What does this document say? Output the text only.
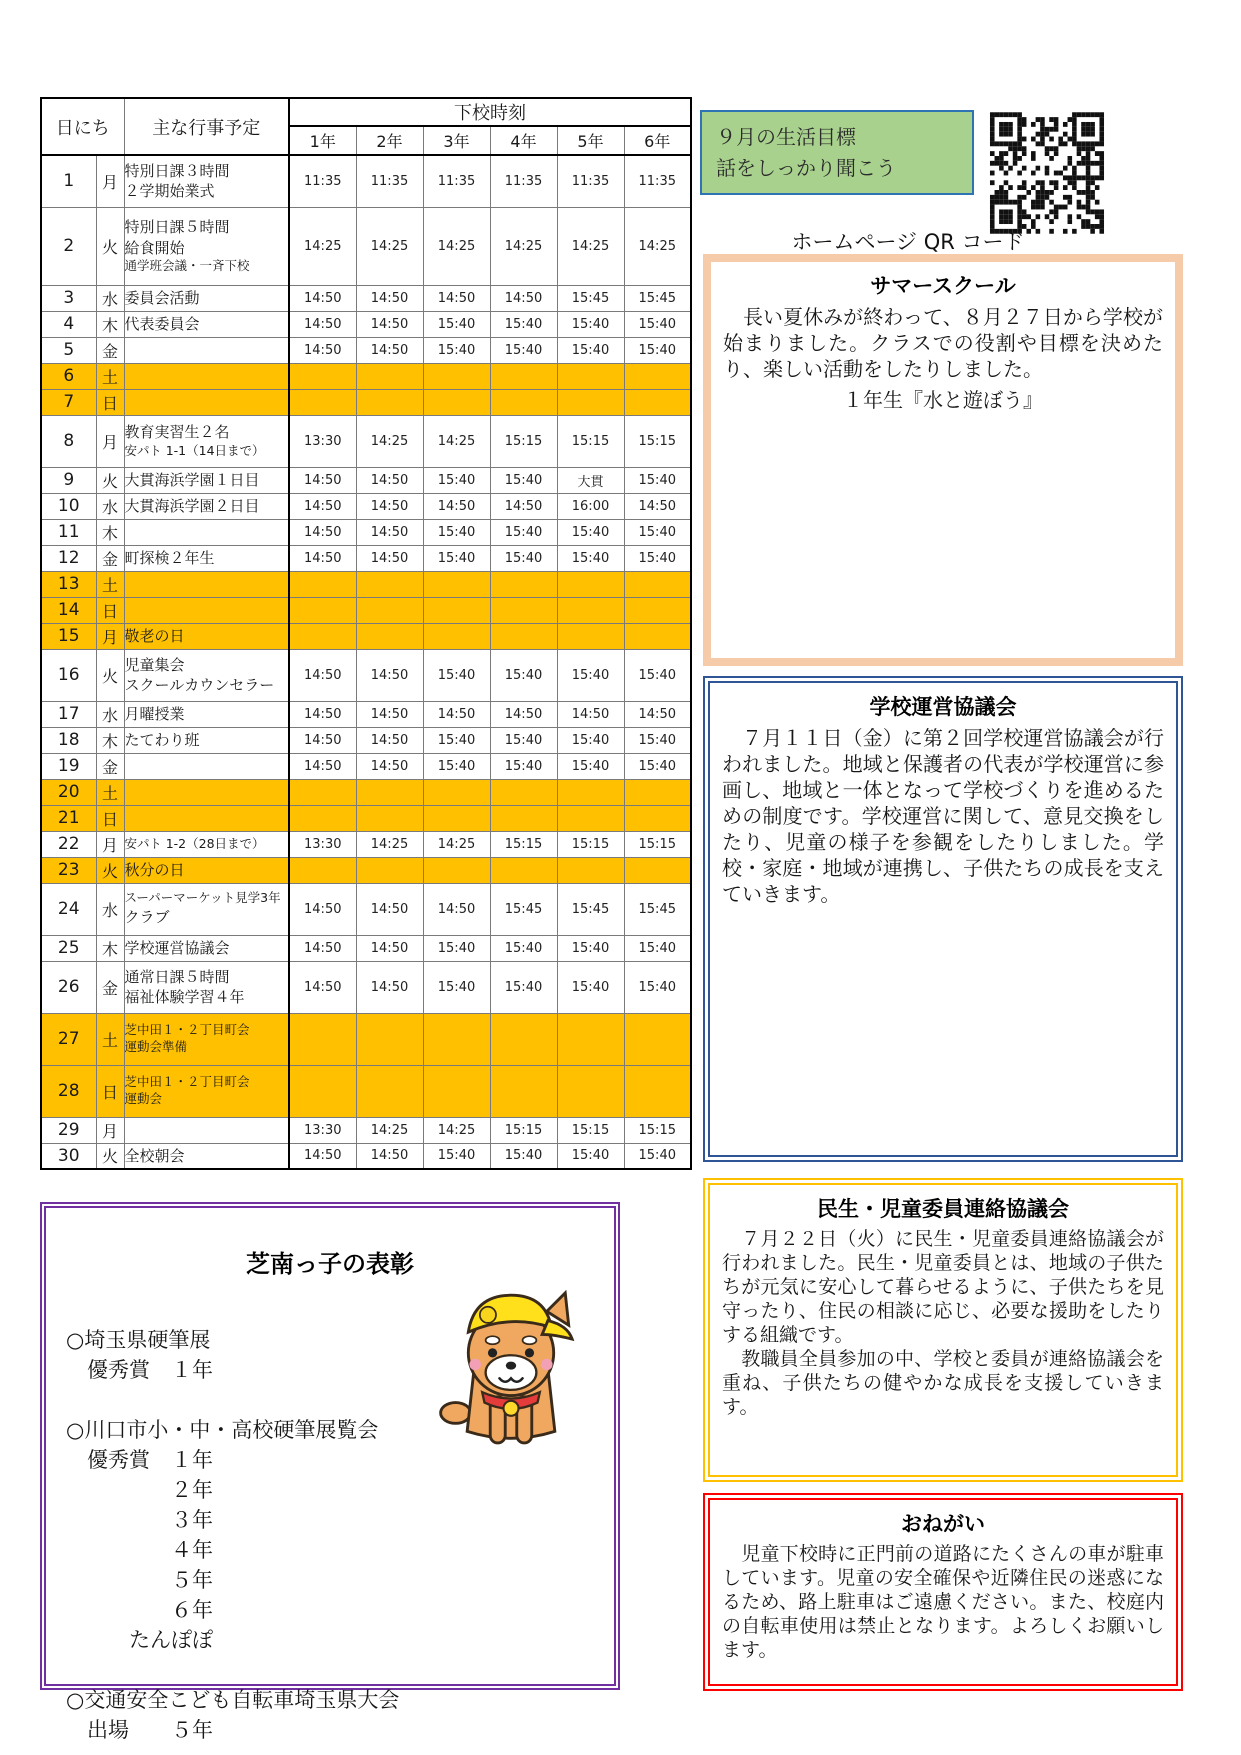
日にち		主な行事予定	下校時刻					
			1年	2年	3年	4年	5年	6年
1	月	特別日課３時間
２学期始業式	11:35	11:35	11:35	11:35	11:35	11:35
2	火	特別日課５時間
給食開始
通学班会議・一斉下校	14:25	14:25	14:25	14:25	14:25	14:25
3	水	委員会活動	14:50	14:50	14:50	14:50	15:45	15:45
4	木	代表委員会	14:50	14:50	15:40	15:40	15:40	15:40
5	金		14:50	14:50	15:40	15:40	15:40	15:40
6	土							
7	日							
8	月	教育実習生２名
安パト 1-1（14日まで）	13:30	14:25	14:25	15:15	15:15	15:15
9	火	大貫海浜学園１日目	14:50	14:50	15:40	15:40	大貫	15:40
10	水	大貫海浜学園２日目	14:50	14:50	14:50	14:50	16:00	14:50
11	木		14:50	14:50	15:40	15:40	15:40	15:40
12	金	町探検２年生	14:50	14:50	15:40	15:40	15:40	15:40
13	土							
14	日							
15	月	敬老の日						

16	火	児童集会
スクールカウンセラー	14:50	14:50	15:40	15:40	15:40	15:40
17	水	月曜授業	14:50	14:50	14:50	14:50	14:50	14:50
18	木	たてわり班	14:50	14:50	15:40	15:40	15:40	15:40
19	金		14:50	14:50	15:40	15:40	15:40	15:40
20	土							
21	日							
22	月	安パト 1-2（28日まで）	13:30	14:25	14:25	15:15	15:15	15:15
23	火	秋分の日						

24	水	スーパーマーケット見学3年
クラブ	14:50	14:50	14:50	15:45	15:45	15:45
25	木	学校運営協議会	14:50	14:50	15:40	15:40	15:40	15:40
26	金	通常日課５時間
福祉体験学習４年	14:50	14:50	15:40	15:40	15:40	15:40
27	土	芝中田１・２丁目町会
運動会準備						

28	日	芝中田１・２丁目町会
運動会						

29	月		13:30	14:25	14:25	15:15	15:15	15:15
30	火	全校朝会	14:50	14:50	15:40	15:40	15:40	15:40
９月の生活目標
話をしっかり聞こう
ホームページ QR コード
サマースクール
　長い夏休みが終わって、８月２７日から学校が始まりました。クラスでの役割や目標を決めたり、楽しい活動をしたりしました。
１年生『水と遊ぼう』
学校運営協議会
　７月１１日（金）に第２回学校運営協議会が行われました。地域と保護者の代表が学校運営に参画し、地域と一体となって学校づくりを進めるための制度です。学校運営に関して、意見交換をしたり、児童の様子を参観をしたりしました。学校・家庭・地域が連携し、子供たちの成長を支えていきます。
民生・児童委員連絡協議会
　７月２２日（火）に民生・児童委員連絡協議会が行われました。民生・児童委員とは、地域の子供たちが元気に安心して暮らせるように、子供たちを見守ったり、住民の相談に応じ、必要な援助をしたりする組織です。
　教職員全員参加の中、学校と委員が連絡協議会を重ね、子供たちの健やかな成長を支援していきます。
おねがい
　児童下校時に正門前の道路にたくさんの車が駐車しています。児童の安全確保や近隣住民の迷惑になるため、路上駐車はご遠慮ください。また、校庭内の自転車使用は禁止となります。よろしくお願いします。
芝南っ子の表彰
○埼玉県硬筆展
　優秀賞　１年

○川口市小・中・高校硬筆展覧会
　優秀賞　１年
　　　　　２年
　　　　　３年
　　　　　４年
　　　　　５年
　　　　　６年
　　　たんぽぽ

○交通安全こども自転車埼玉県大会
　出場　　５年
